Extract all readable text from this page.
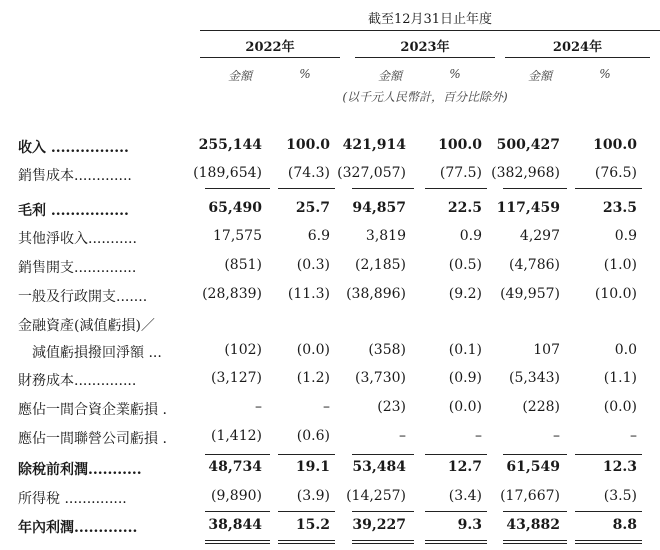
截至12月31日止年度
2022年	2023年	2024年
金額	%	金額	%	金額	%
(以千元人民幣計，百分比除外)
收入 ................	255,144	100.0 421,914	100.0	500,427	100.0
銷售成本.............	(189,654)	(74.3) (327,057)	(77.5) (382,968)	(76.5)
毛利 ................	65,490	25.7	94,857	22.5	117,459	23.5
其他淨收入...........	17,575	6.9	3,819	0.9	4,297	0.9
銷售開支..............	(851)	(0.3)	(2,185)	(0.5)	(4,786)	(1.0)
一般及行政開支.......	(28,839)	(11.3)	(38,896)	(9.2)	(49,957)	(10.0)
金融資產(減值虧損)／
　減值虧損撥回淨額 ...	(102)	(0.0)	(358)	(0.1)	107	0.0
財務成本..............	(3,127)	(1.2)	(3,730)	(0.9)	(5,343)	(1.1)
應佔一間合資企業虧損 .	–	–	(23)	(0.0)	(228)	(0.0)
應佔一間聯營公司虧損 .	(1,412)	(0.6)	–	–	–	–
除稅前利潤...........	48,734	19.1	53,484	12.7	61,549	12.3
所得稅 ..............	(9,890)	(3.9)	(14,257)	(3.4)	(17,667)	(3.5)
年內利潤.............	38,844	15.2	39,227	9.3	43,882	8.8
